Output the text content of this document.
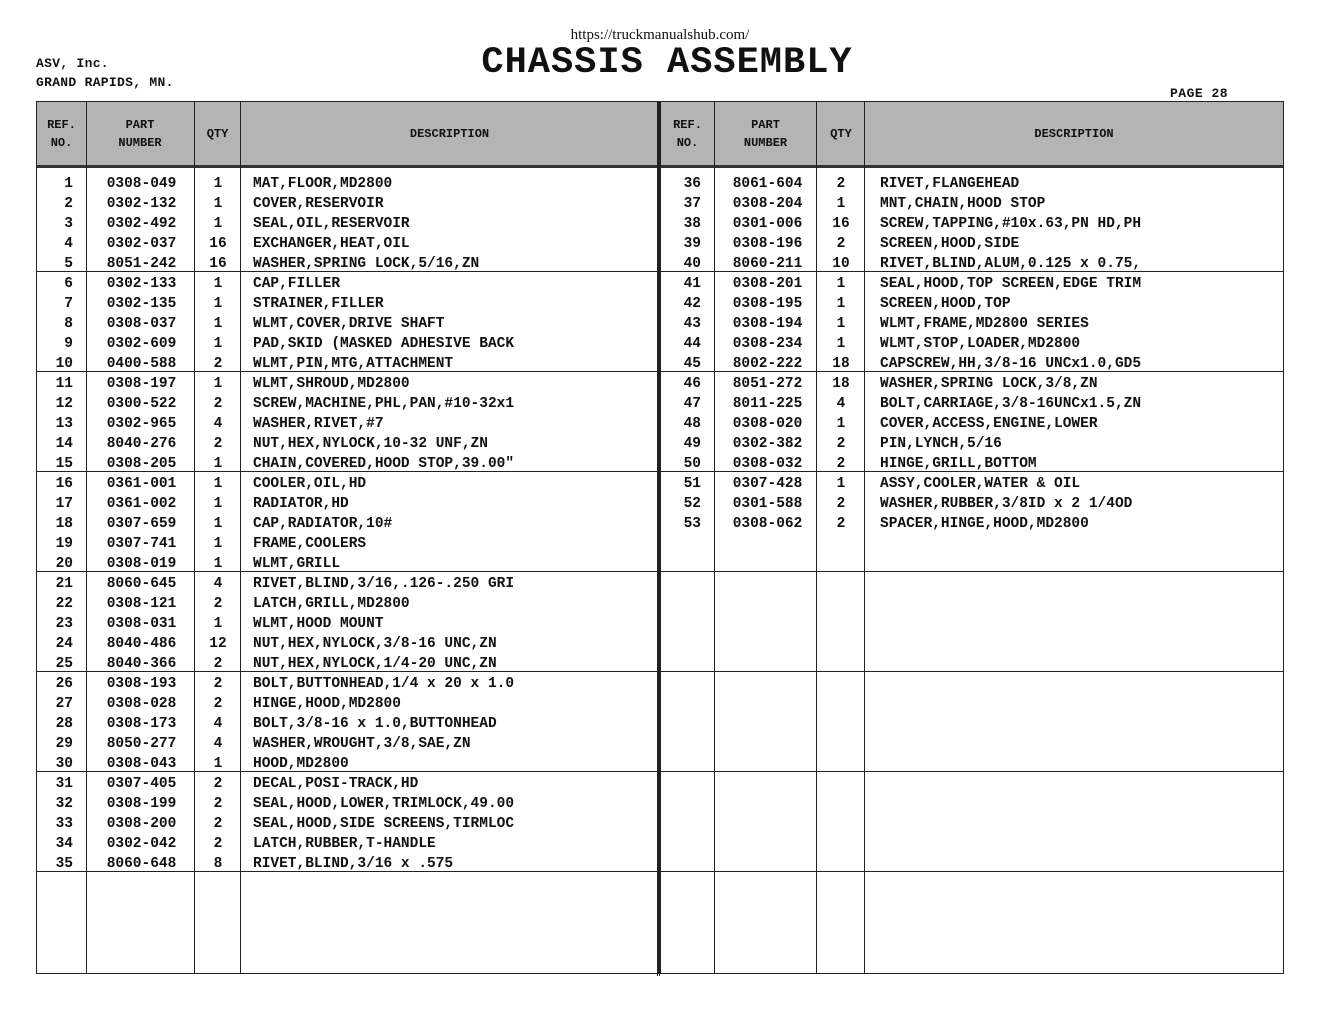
https://truckmanualshub.com/
ASV, Inc.
GRAND RAPIDS, MN.	CHASSIS ASSEMBLY
PAGE 28
REF.
NO.
PART
NUMBER
QTY	DESCRIPTION
1	0308-049	1	MAT,FLOOR,MD2800
2	0302-132	1	COVER,RESERVOIR
3	0302-492	1	SEAL,OIL,RESERVOIR
4	0302-037	16	EXCHANGER,HEAT,OIL
5	8051-242	16	WASHER,SPRING LOCK,5/16,ZN
6	0302-133	1	CAP,FILLER
7	0302-135	1	STRAINER,FILLER
8	0308-037	1	WLMT,COVER,DRIVE SHAFT
9	0302-609	1	PAD,SKID (MASKED ADHESIVE BACK
10	0400-588	2	WLMT,PIN,MTG,ATTACHMENT
11	0308-197	1	WLMT,SHROUD,MD2800
12	0300-522	2	SCREW,MACHINE,PHL,PAN,#10-32x1
13	0302-965	4	WASHER,RIVET,#7
14	8040-276	2	NUT,HEX,NYLOCK,10-32 UNF,ZN
15	0308-205	1	CHAIN,COVERED,HOOD STOP,39.00"
16	0361-001	1	COOLER,OIL,HD
17	0361-002	1	RADIATOR,HD
18	0307-659	1	CAP,RADIATOR,10#
19	0307-741	1	FRAME,COOLERS
20	0308-019	1	WLMT,GRILL
21	8060-645	4	RIVET,BLIND,3/16,.126-.250 GRI
22	0308-121	2	LATCH,GRILL,MD2800
23	0308-031	1	WLMT,HOOD MOUNT
24	8040-486	12	NUT,HEX,NYLOCK,3/8-16 UNC,ZN
25	8040-366	2	NUT,HEX,NYLOCK,1/4-20 UNC,ZN
26	0308-193	2	BOLT,BUTTONHEAD,1/4 x 20 x 1.0
27	0308-028	2	HINGE,HOOD,MD2800
28	0308-173	4	BOLT,3/8-16 x 1.0,BUTTONHEAD
29	8050-277	4	WASHER,WROUGHT,3/8,SAE,ZN
30	0308-043	1	HOOD,MD2800
31	0307-405	2	DECAL,POSI-TRACK,HD
32	0308-199	2	SEAL,HOOD,LOWER,TRIMLOCK,49.00
33	0308-200	2	SEAL,HOOD,SIDE SCREENS,TIRMLOC
34	0302-042	2	LATCH,RUBBER,T-HANDLE
35	8060-648	8	RIVET,BLIND,3/16 x .575
REF.
NO.
PART
NUMBER
QTY	DESCRIPTION
36	8061-604	2	RIVET,FLANGEHEAD
37	0308-204	1	MNT,CHAIN,HOOD STOP
38	0301-006	16	SCREW,TAPPING,#10x.63,PN HD,PH
39	0308-196	2	SCREEN,HOOD,SIDE
40	8060-211	10	RIVET,BLIND,ALUM,0.125 x 0.75,
41	0308-201	1	SEAL,HOOD,TOP SCREEN,EDGE TRIM
42	0308-195	1	SCREEN,HOOD,TOP
43	0308-194	1	WLMT,FRAME,MD2800 SERIES
44	0308-234	1	WLMT,STOP,LOADER,MD2800
45	8002-222	18	CAPSCREW,HH,3/8-16 UNCx1.0,GD5
46	8051-272	18	WASHER,SPRING LOCK,3/8,ZN
47	8011-225	4	BOLT,CARRIAGE,3/8-16UNCx1.5,ZN
48	0308-020	1	COVER,ACCESS,ENGINE,LOWER
49	0302-382	2	PIN,LYNCH,5/16
50	0308-032	2	HINGE,GRILL,BOTTOM
51	0307-428	1	ASSY,COOLER,WATER & OIL
52	0301-588	2	WASHER,RUBBER,3/8ID x 2 1/4OD
53	0308-062	2	SPACER,HINGE,HOOD,MD2800
